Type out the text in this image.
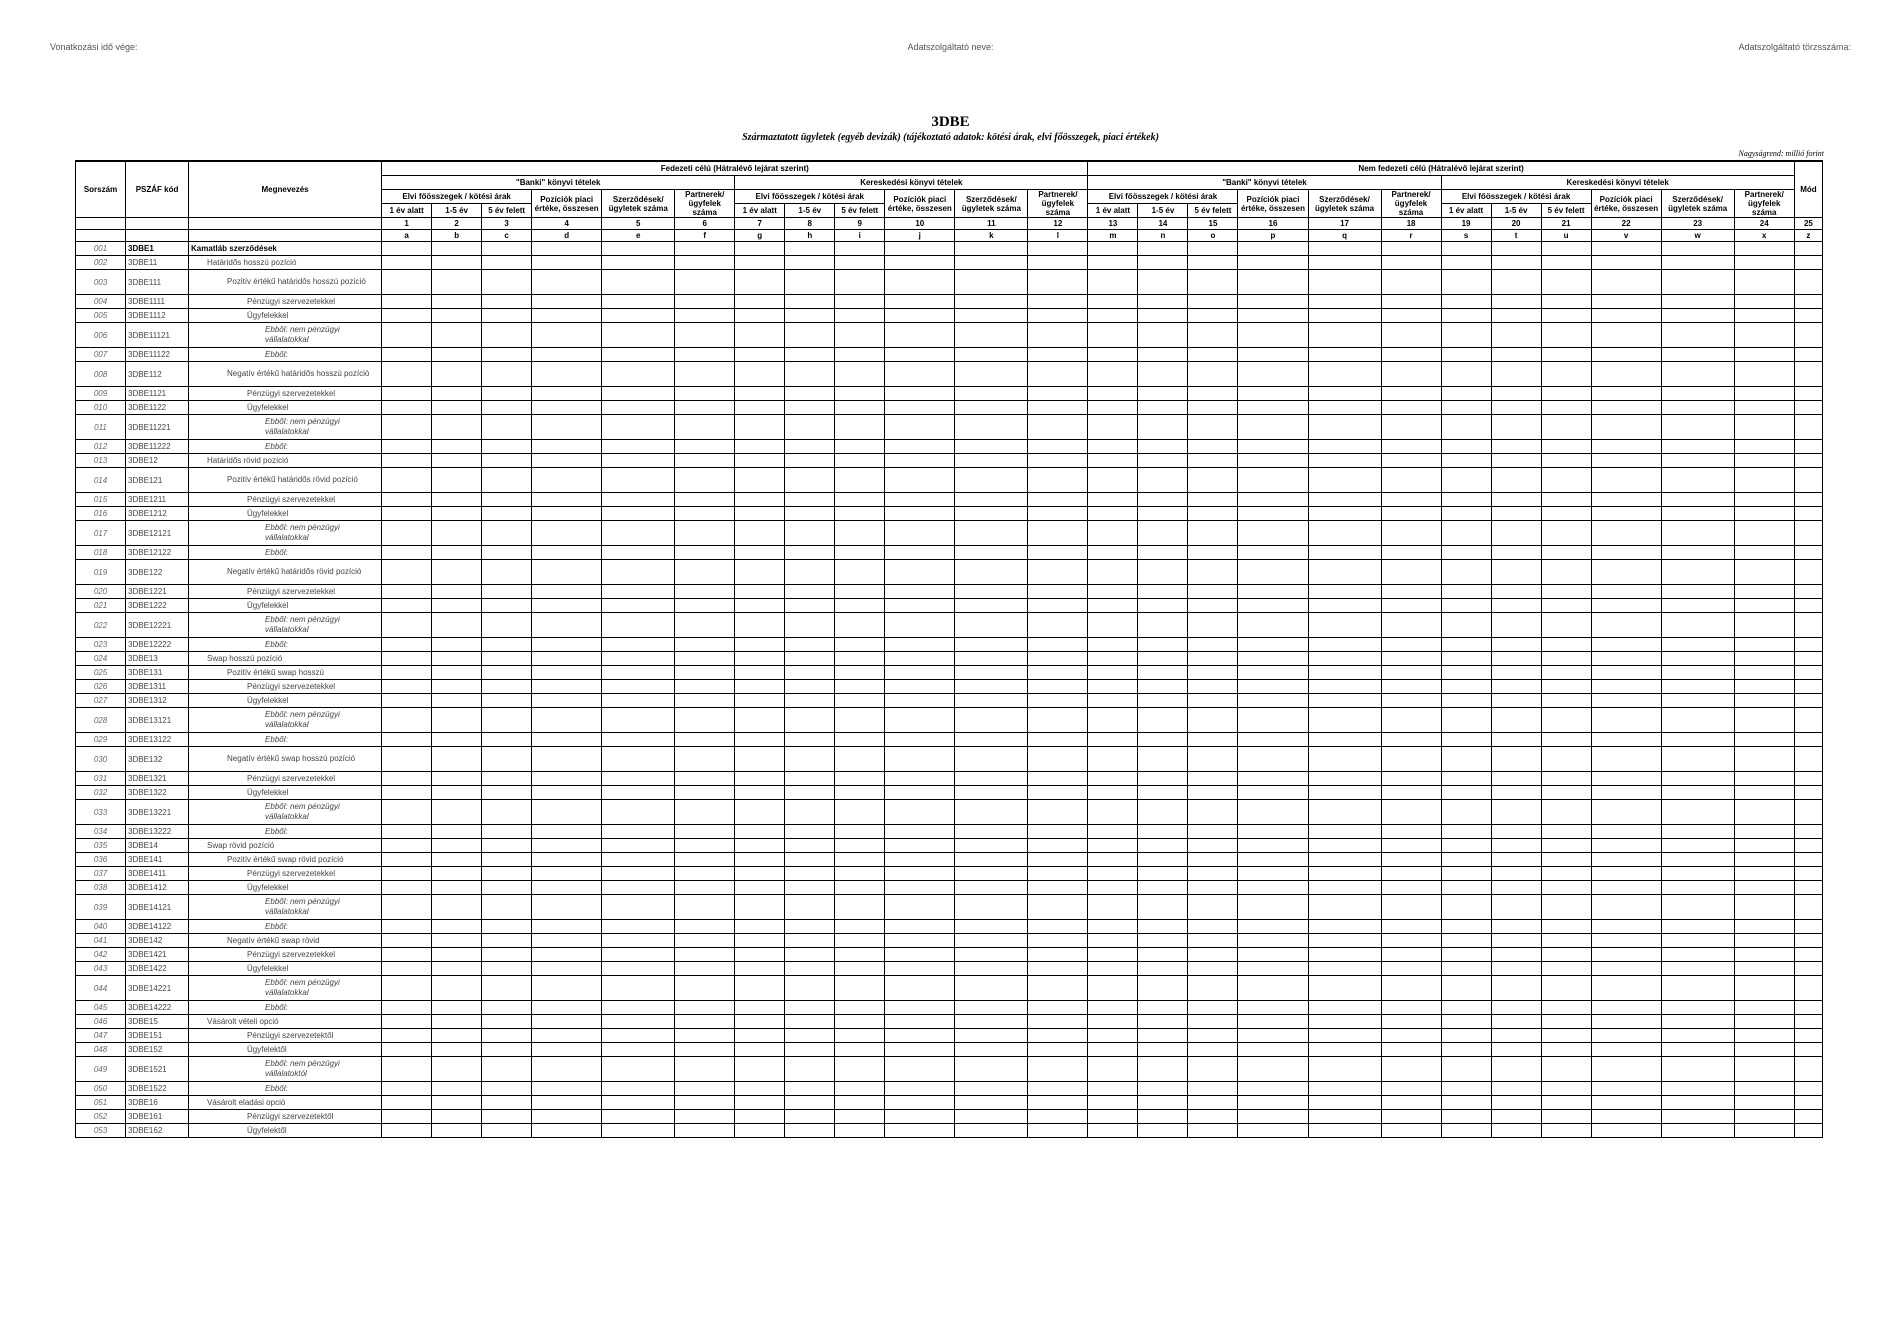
Vonatkozási idő vége:	Adatszolgáltató neve:	Adatszolgáltató törzsszáma:
3DBE
Származtatott ügyletek (egyéb devizák) (tájékoztató adatok: kötési árak, elvi főösszegek, piaci értékek)
Nagyságrend: millió forint
Sorszám	PSZÁF kód	Megnevezés	Fedezeti célú (Hátralévő lejárat szerint)												Nem fedezeti célú (Hátralévő lejárat szerint)												Mód
			"Banki" könyvi tételek						Kereskedési könyvi tételek						"Banki" könyvi tételek						Kereskedési könyvi tételek						
			Elvi főösszegek / kötési árak			Pozíciók piaci értéke, összesen	Szerződések/ ügyletek száma	Partnerek/ ügyfelek száma	Elvi főösszegek / kötési árak			Pozíciók piaci értéke, összesen	Szerződések/ ügyletek száma	Partnerek/ ügyfelek száma	Elvi főösszegek / kötési árak			Pozíciók piaci értéke, összesen	Szerződések/ ügyletek száma	Partnerek/ ügyfelek száma	Elvi főösszegek / kötési árak			Pozíciók piaci értéke, összesen	Szerződések/ ügyletek száma	Partnerek/ ügyfelek száma	
			1 év alatt	1-5 év	5 év felett				1 év alatt	1-5 év	5 év felett				1 év alatt	1-5 év	5 év felett				1 év alatt	1-5 év	5 év felett				
			1	2	3	4	5	6	7	8	9	10	11	12	13	14	15	16	17	18	19	20	21	22	23	24	25
			a	b	c	d	e	f	g	h	i	j	k	l	m	n	o	p	q	r	s	t	u	v	w	x	z
001	3DBE1	Kamatláb szerződések																									
002	3DBE11	Határidős hosszú pozíció																									
003	3DBE111	Pozitív értékű határidős hosszú pozíció																									
004	3DBE1111	Pénzügyi szervezetekkel																									
005	3DBE1112	Ügyfelekkel																									
006	3DBE11121	Ebből: nem pénzügyi vállalatokkal																									
007	3DBE11122	Ebből:																									
008	3DBE112	Negatív értékű határidős hosszú pozíció																									
009	3DBE1121	Pénzügyi szervezetekkel																									
010	3DBE1122	Ügyfelekkel																									
011	3DBE11221	Ebből: nem pénzügyi vállalatokkal																									
012	3DBE11222	Ebből:																									
013	3DBE12	Határidős rövid pozíció																									
014	3DBE121	Pozitív értékű határidős rövid pozíció																									
015	3DBE1211	Pénzügyi szervezetekkel																									
016	3DBE1212	Ügyfelekkel																									
017	3DBE12121	Ebből: nem pénzügyi vállalatokkal																									
018	3DBE12122	Ebből:																									
019	3DBE122	Negatív értékű határidős rövid pozíció																									
020	3DBE1221	Pénzügyi szervezetekkel																									
021	3DBE1222	Ügyfelekkel																									
022	3DBE12221	Ebből: nem pénzügyi vállalatokkal																									
023	3DBE12222	Ebből:																									
024	3DBE13	Swap hosszú pozíció																									
025	3DBE131	Pozitív értékű swap hosszú																									
026	3DBE1311	Pénzügyi szervezetekkel																									
027	3DBE1312	Ügyfelekkel																									
028	3DBE13121	Ebből: nem pénzügyi vállalatokkal																									
029	3DBE13122	Ebből:																									
030	3DBE132	Negatív értékű swap hosszú pozíció																									
031	3DBE1321	Pénzügyi szervezetekkel																									
032	3DBE1322	Ügyfelekkel																									
033	3DBE13221	Ebből: nem pénzügyi vállalatokkal																									
034	3DBE13222	Ebből:																									
035	3DBE14	Swap rövid pozíció																									
036	3DBE141	Pozitív értékű swap rövid pozíció																									
037	3DBE1411	Pénzügyi szervezetekkel																									
038	3DBE1412	Ügyfelekkel																									
039	3DBE14121	Ebből: nem pénzügyi vállalatokkal																									
040	3DBE14122	Ebből:																									
041	3DBE142	Negatív értékű swap rövid																									
042	3DBE1421	Pénzügyi szervezetekkel																									
043	3DBE1422	Ügyfelekkel																									
044	3DBE14221	Ebből: nem pénzügyi vállalatokkal																									
045	3DBE14222	Ebből:																									
046	3DBE15	Vásárolt vételi opció																									
047	3DBE151	Pénzügyi szervezetektől																									
048	3DBE152	Ügyfelektől																									
049	3DBE1521	Ebből: nem pénzügyi vállalatoktól																									
050	3DBE1522	Ebből:																									
051	3DBE16	Vásárolt eladási opció																									
052	3DBE161	Pénzügyi szervezetektől																									
053	3DBE162	Ügyfelektől																									
